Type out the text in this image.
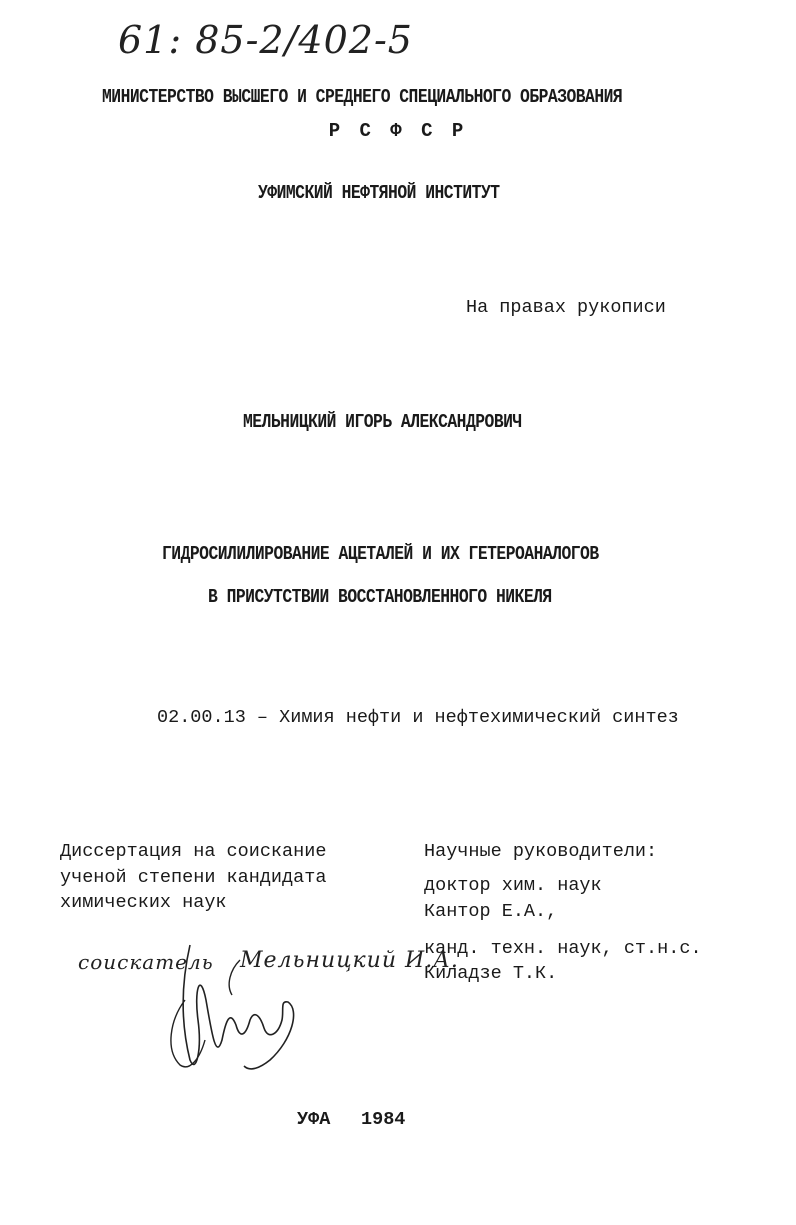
61: 85-2/402-5
МИНИСТЕРСТВО ВЫСШЕГО И СРЕДНЕГО СПЕЦИАЛЬНОГО ОБРАЗОВАНИЯ
Р С Ф С Р
УФИМСКИЙ НЕФТЯНОЙ ИНСТИТУТ
На правах рукописи
МЕЛЬНИЦКИЙ ИГОРЬ АЛЕКСАНДРОВИЧ
ГИДРОСИЛИЛИРОВАНИЕ АЦЕТАЛЕЙ И ИХ ГЕТЕРОАНАЛОГОВ
В ПРИСУТСТВИИ ВОССТАНОВЛЕННОГО НИКЕЛЯ
02.00.13 – Химия нефти и нефтехимический синтез
Диссертация на соискание
ученой степени кандидата
химических наук
Научные руководители:
доктор хим. наук
Кантор Е.А.,
канд. техн. наук, ст.н.с.
Киладзе Т.К.
соискатель Мельницкий И.А.
УФА 1984
